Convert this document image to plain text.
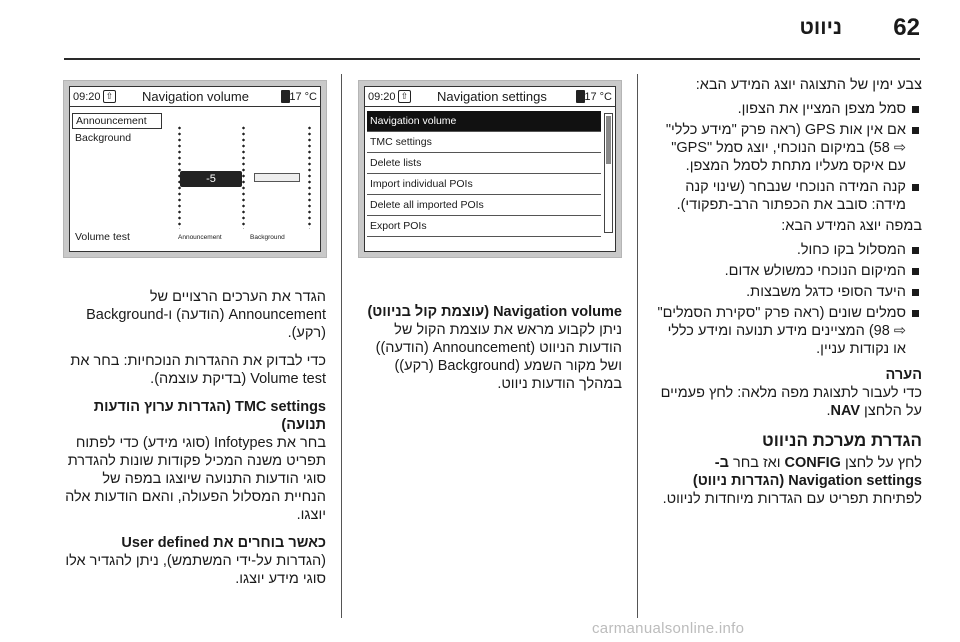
62
ניווט
צבע ימין של התצוגה יוצג המידע הבא:
סמל מצפן המציין את הצפון.
אם אין אות GPS (ראה פרק "מידע כללי" ⇨ 58) במיקום הנוכחי, יוצג סמל "GPS" עם איקס מעליו מתחת לסמל המצפן.
קנה המידה הנוכחי שנבחר (שינוי קנה מידה: סובב את הכפתור הרב-תפקודי).
במפה יוצג המידע הבא:
המסלול בקו כחול.
המיקום הנוכחי כמשולש אדום.
היעד הסופי כדגל משבצות.
סמלים שונים (ראה פרק "סקירת הסמלים" ⇨ 98) המציינים מידע תנועה ומידע כללי או נקודות עניין.
הערה
כדי לעבור לתצוגת מפה מלאה: לחץ פעמיים על הלחצן NAV.
הגדרת מערכת הניווט
לחץ על לחצן CONFIG ואז בחר ב-Navigation settings (הגדרות ניווט) לפתיחת תפריט עם הגדרות מיוחדות לניווט.
09:20 ⇧ Navigation settings	17 °C
Navigation volume
TMC settings
Delete lists
Import individual POIs
Delete all imported POIs
Export POIs
09:20 ⇧ Navigation volume	17 °C
Announcement
Background
-5
Volume test	Announcement	Background
Navigation volume (עוצמת קול בניווט)
ניתן לקבוע מראש את עוצמת הקול של הודעות הניווט (Announcement (הודעה)) ושל מקור השמע (Background (רקע)) במהלך הודעות ניווט.
הגדר את הערכים הרצויים של Announcement (הודעה) ו-Background (רקע).
כדי לבדוק את ההגדרות הנוכחיות: בחר את Volume test (בדיקת עוצמה).
TMC settings (הגדרות ערוץ הודעות תנועה)
בחר את Infotypes (סוגי מידע) כדי לפתוח תפריט משנה המכיל פקודות שונות להגדרת סוגי הודעות התנועה שיוצגו במפה של הנחיית המסלול הפעולה, והאם הודעות אלה יוצגו.
כאשר בוחרים את User defined
(הגדרות על-ידי המשתמש), ניתן להגדיר אלו סוגי מידע יוצגו.
carmanualsonline.info
